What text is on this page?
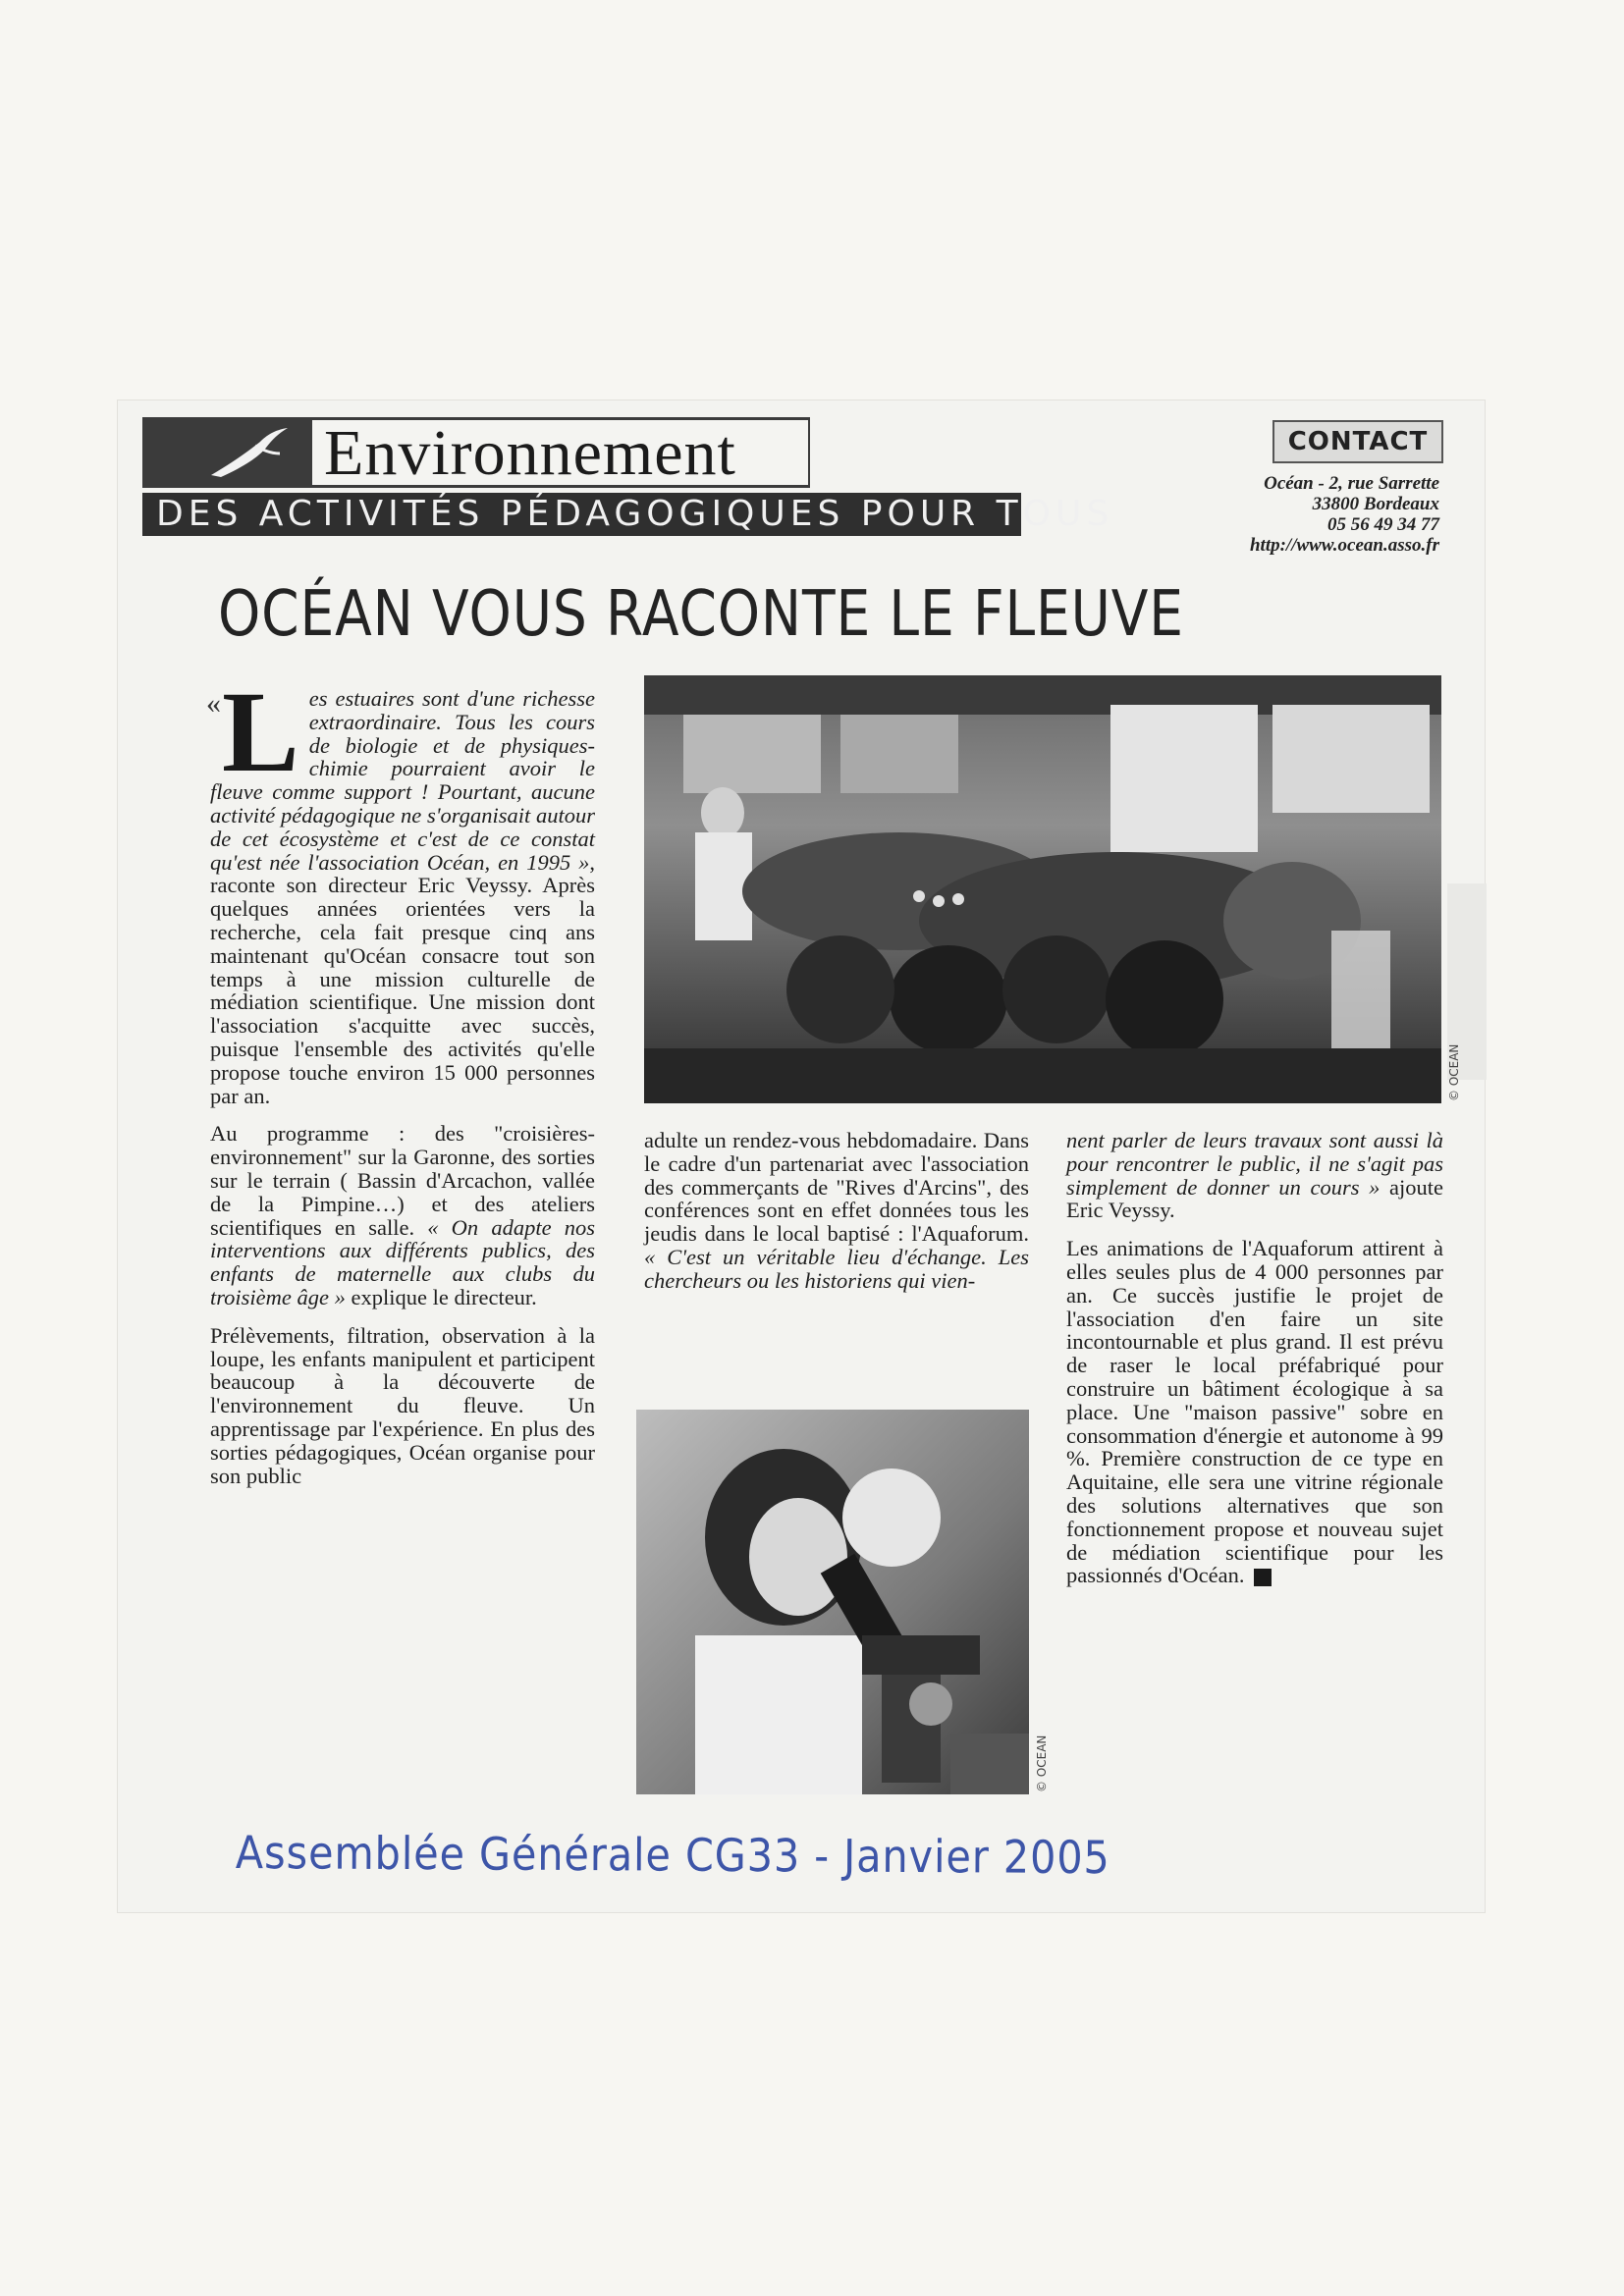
Environnement
DES ACTIVITÉS PÉDAGOGIQUES POUR TOUS
CONTACT
Océan - 2, rue Sarrette
33800 Bordeaux
05 56 49 34 77
http://www.ocean.asso.fr
OCÉAN VOUS RACONTE LE FLEUVE
« Les estuaires sont d'une richesse extraordinaire. Tous les cours de biologie et de physiques-chimie pourraient avoir le fleuve comme support ! Pourtant, aucune activité pédagogique ne s'organisait autour de cet écosystème et c'est de ce constat qu'est née l'association Océan, en 1995 », raconte son directeur Eric Veyssy. Après quelques années orientées vers la recherche, cela fait presque cinq ans maintenant qu'Océan consacre tout son temps à une mission culturelle de médiation scientifique. Une mission dont l'association s'acquitte avec succès, puisque l'ensemble des activités qu'elle propose touche environ 15 000 personnes par an.

Au programme : des "croisières-environnement" sur la Garonne, des sorties sur le terrain ( Bassin d'Arcachon, vallée de la Pimpine…) et des ateliers scientifiques en salle. « On adapte nos interventions aux différents publics, des enfants de maternelle aux clubs du troisième âge » explique le directeur.

Prélèvements, filtration, observation à la loupe, les enfants manipulent et participent beaucoup à la découverte de l'environnement du fleuve. Un apprentissage par l'expérience. En plus des sorties pédagogiques, Océan organise pour son public

© OCEAN

adulte un rendez-vous hebdomadaire. Dans le cadre d'un partenariat avec l'association des commerçants de "Rives d'Arcins", des conférences sont en effet données tous les jeudis dans le local baptisé : l'Aquaforum. « C'est un véritable lieu d'échange. Les chercheurs ou les historiens qui vien-

© OCEAN

nent parler de leurs travaux sont aussi là pour rencontrer le public, il ne s'agit pas simplement de donner un cours » ajoute Eric Veyssy.

Les animations de l'Aquaforum attirent à elles seules plus de 4 000 personnes par an. Ce succès justifie le projet de l'association d'en faire un site incontournable et plus grand. Il est prévu de raser le local préfabriqué pour construire un bâtiment écologique à sa place. Une "maison passive" sobre en consommation d'énergie et autonome à 99 %. Première construction de ce type en Aquitaine, elle sera une vitrine régionale des solutions alternatives que son fonctionnement propose et nouveau sujet de médiation scientifique pour les passionnés d'Océan.

Assemblée Générale CG33 - Janvier 2005
